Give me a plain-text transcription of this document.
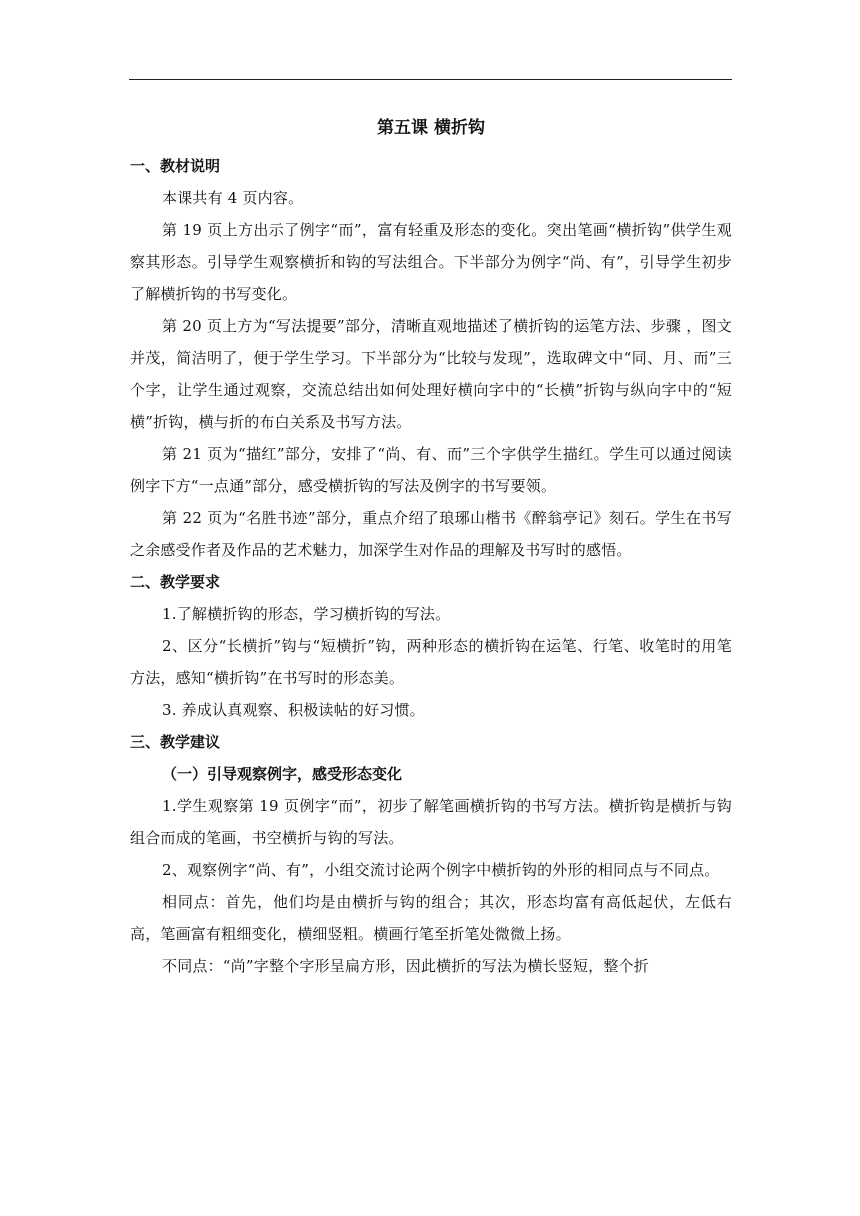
第五课 横折钩
一、教材说明
本课共有 4 页内容。
第 19 页上方出示了例字“而”，富有轻重及形态的变化。突出笔画“横折钩”供学生观察其形态。引导学生观察横折和钩的写法组合。下半部分为例字“尚、有”，引导学生初步了解横折钩的书写变化。
第 20 页上方为“写法提要”部分，清晰直观地描述了横折钩的运笔方法、步骤 ，图文并茂，简洁明了，便于学生学习。下半部分为“比较与发现”，选取碑文中“同、月、而”三个字，让学生通过观察，交流总结出如何处理好横向字中的“长横”折钩与纵向字中的“短横”折钩，横与折的布白关系及书写方法。
第 21 页为“描红”部分，安排了“尚、有、而”三个字供学生描红。学生可以通过阅读例字下方“一点通”部分，感受横折钩的写法及例字的书写要领。
第 22 页为“名胜书迹”部分，重点介绍了琅琊山楷书《醉翁亭记》刻石。学生在书写之余感受作者及作品的艺术魅力，加深学生对作品的理解及书写时的感悟。
二、教学要求
1.了解横折钩的形态，学习横折钩的写法。
2、区分“长横折”钩与“短横折”钩，两种形态的横折钩在运笔、行笔、收笔时的用笔方法，感知“横折钩”在书写时的形态美。
3. 养成认真观察、积极读帖的好习惯。
三、教学建议
（一）引导观察例字，感受形态变化
1.学生观察第 19 页例字“而”，初步了解笔画横折钩的书写方法。横折钩是横折与钩组合而成的笔画，书空横折与钩的写法。
2、观察例字“尚、有”，小组交流讨论两个例字中横折钩的外形的相同点与不同点。
相同点：首先，他们均是由横折与钩的组合；其次，形态均富有高低起伏，左低右高，笔画富有粗细变化，横细竖粗。横画行笔至折笔处微微上扬。
不同点：“尚”字整个字形呈扁方形，因此横折的写法为横长竖短，整个折
